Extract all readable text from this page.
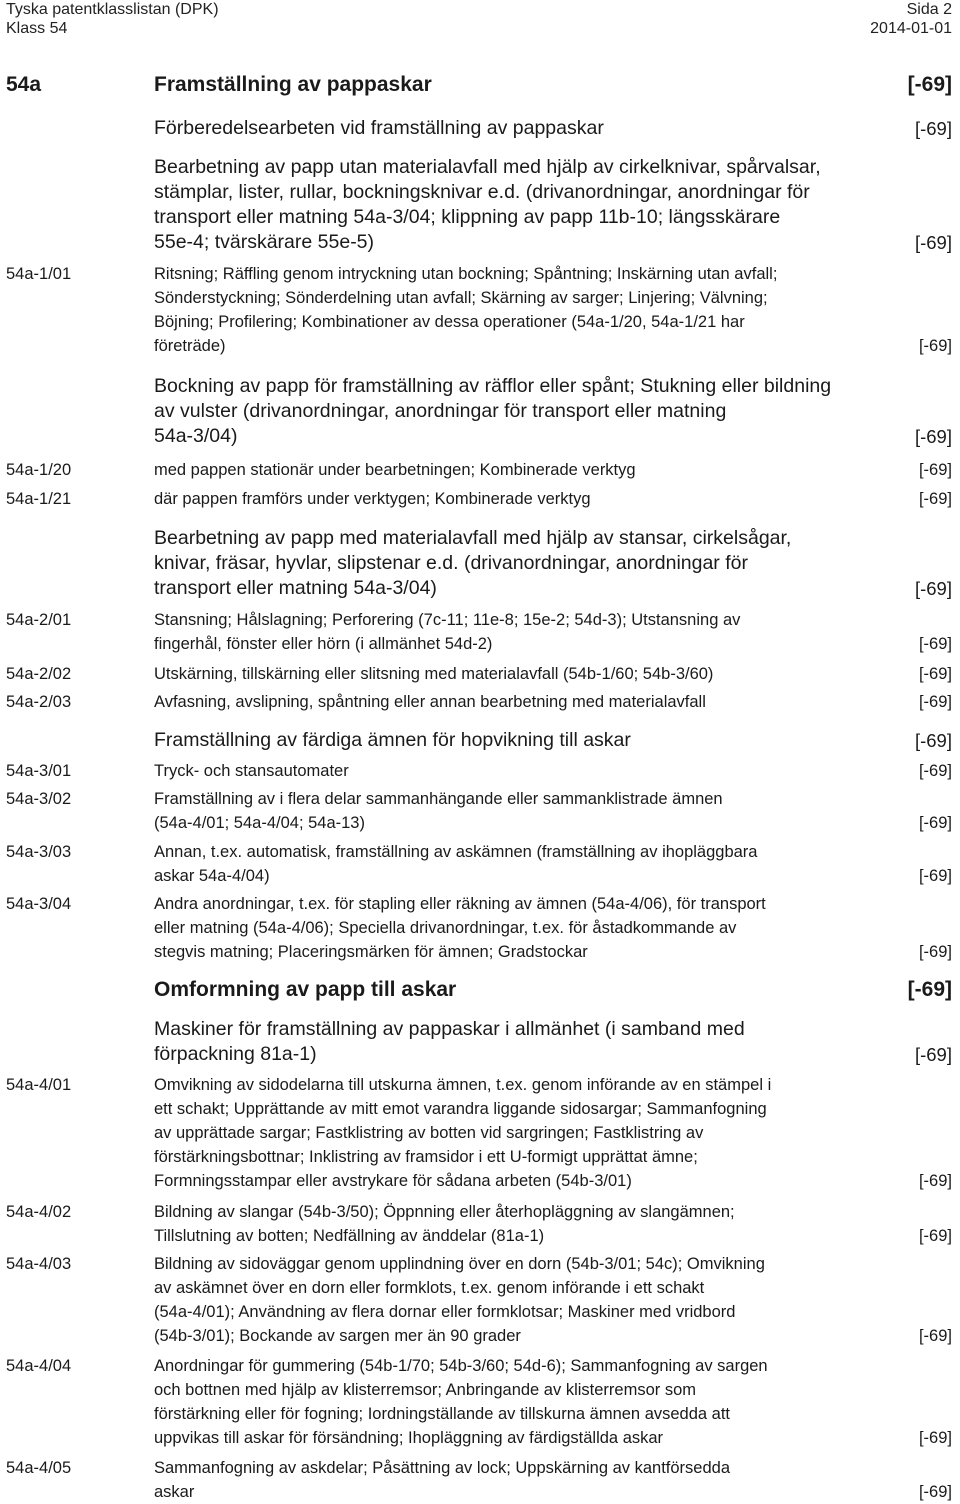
Tyska patentklasslistan (DPK)
Klass 54
Sida 2
2014-01-01
54a	Framställning av pappaskar	[-69]
Förberedelsearbeten vid framställning av pappaskar	[-69]
Bearbetning av papp utan materialavfall med hjälp av cirkelknivar, spårvalsar,
stämplar, lister, rullar, bockningsknivar e.d. (drivanordningar, anordningar för
transport eller matning 54a-3/04; klippning av papp 11b-10; längsskärare
55e-4; tvärskärare 55e-5)	[-69]
54a-1/01	Ritsning; Räffling genom intryckning utan bockning; Spåntning; Inskärning utan avfall;
Sönderstyckning; Sönderdelning utan avfall; Skärning av sarger; Linjering; Välvning;
Böjning; Profilering; Kombinationer av dessa operationer (54a-1/20, 54a-1/21 har
företräde)	[-69]
Bockning av papp för framställning av räfflor eller spånt; Stukning eller bildning
av vulster (drivanordningar, anordningar för transport eller matning
54a-3/04)	[-69]
54a-1/20	med pappen stationär under bearbetningen; Kombinerade verktyg	[-69]
54a-1/21	där pappen framförs under verktygen; Kombinerade verktyg	[-69]
Bearbetning av papp med materialavfall med hjälp av stansar, cirkelsågar,
knivar, fräsar, hyvlar, slipstenar e.d. (drivanordningar, anordningar för
transport eller matning 54a-3/04)	[-69]
54a-2/01	Stansning; Hålslagning; Perforering (7c-11; 11e-8; 15e-2; 54d-3); Utstansning av
fingerhål, fönster eller hörn (i allmänhet 54d-2)	[-69]
54a-2/02	Utskärning, tillskärning eller slitsning med materialavfall (54b-1/60; 54b-3/60)	[-69]
54a-2/03	Avfasning, avslipning, spåntning eller annan bearbetning med materialavfall	[-69]
Framställning av färdiga ämnen för hopvikning till askar	[-69]
54a-3/01	Tryck- och stansautomater	[-69]
54a-3/02	Framställning av i flera delar sammanhängande eller sammanklistrade ämnen
(54a-4/01; 54a-4/04; 54a-13)	[-69]
54a-3/03	Annan, t.ex. automatisk, framställning av askämnen (framställning av ihopläggbara
askar 54a-4/04)	[-69]
54a-3/04	Andra anordningar, t.ex. för stapling eller räkning av ämnen (54a-4/06), för transport
eller matning (54a-4/06); Speciella drivanordningar, t.ex. för åstadkommande av
stegvis matning; Placeringsmärken för ämnen; Gradstockar	[-69]
Omformning av papp till askar	[-69]
Maskiner för framställning av pappaskar i allmänhet (i samband med
förpackning 81a-1)	[-69]
54a-4/01	Omvikning av sidodelarna till utskurna ämnen, t.ex. genom införande av en stämpel i
ett schakt; Upprättande av mitt emot varandra liggande sidosargar; Sammanfogning
av upprättade sargar; Fastklistring av botten vid sargringen; Fastklistring av
förstärkningsbottnar; Inklistring av framsidor i ett U-formigt upprättat ämne;
Formningsstampar eller avstrykare för sådana arbeten (54b-3/01)	[-69]
54a-4/02	Bildning av slangar (54b-3/50); Öppnning eller återhopläggning av slangämnen;
Tillslutning av botten; Nedfällning av änddelar (81a-1)	[-69]
54a-4/03	Bildning av sidoväggar genom upplindning över en dorn (54b-3/01; 54c); Omvikning
av askämnet över en dorn eller formklots, t.ex. genom införande i ett schakt
(54a-4/01); Användning av flera dornar eller formklotsar; Maskiner med vridbord
(54b-3/01); Bockande av sargen mer än 90 grader	[-69]
54a-4/04	Anordningar för gummering (54b-1/70; 54b-3/60; 54d-6); Sammanfogning av sargen
och bottnen med hjälp av klisterremsor; Anbringande av klisterremsor som
förstärkning eller för fogning; Iordningställande av tillskurna ämnen avsedda att
uppvikas till askar för försändning; Ihopläggning av färdigställda askar	[-69]
54a-4/05	Sammanfogning av askdelar; Påsättning av lock; Uppskärning av kantförsedda
askar	[-69]
